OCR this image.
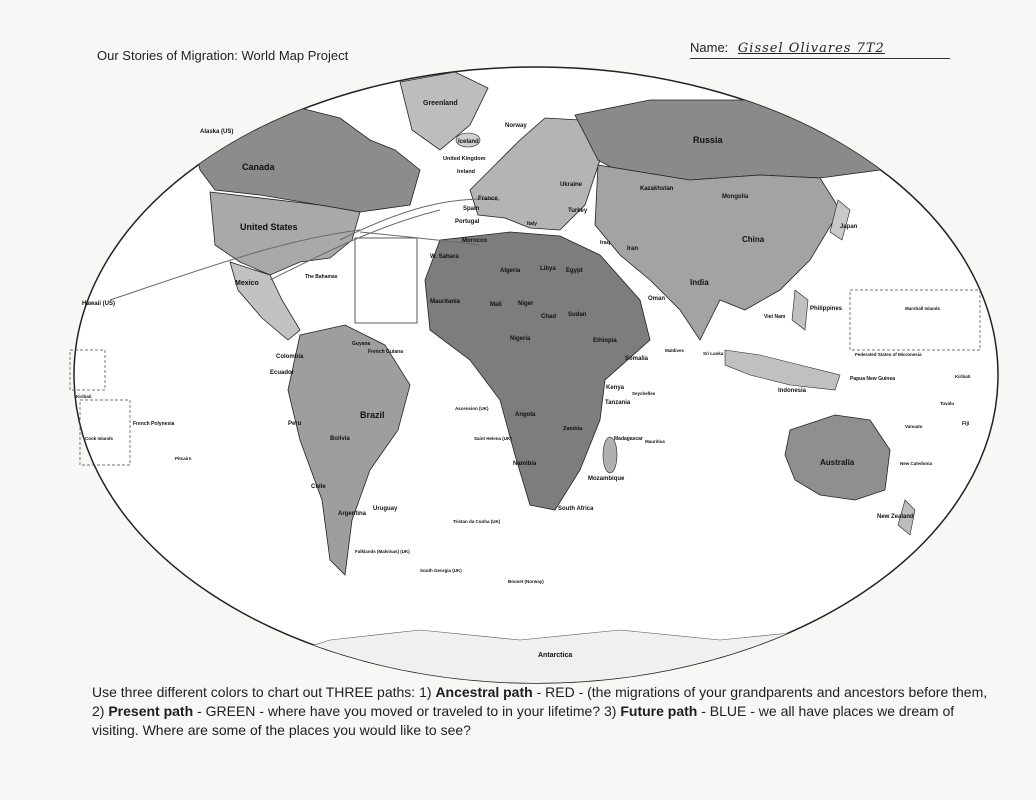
Our Stories of Migration: World Map Project
Name: Gissel Olivares 7T2
Greenland
Canada
Alaska (US)
United States
Mexico
Hawaii (US)
The Bahamas
Colombia
Ecuador
Guyana
French Guiana
Brazil
Peru
Bolivia
Chile
Argentina
Uruguay
Falklands (Malvinas) (UK)
Iceland
Norway
United Kingdom
Ireland
France
Spain
Portugal	Italy
Ukraine
Turkey
Russia
Kazakhstan
Mongolia
China
Japan
Iran
Iraq
India
Oman
Morocco
W. Sahara
Algeria	Libya Egypt
Mauritania	Mali	Niger
Chad Sudan
Ethiopia
Nigeria
Somalia
Kenya
Tanzania
Angola
Zambia
Namibia
Mozambique
South Africa
Madagascar
Maldives
Sri Lanka
Seychelles
Mauritius
Viet Nam
Philippines
Indonesia
Papua New Guinea
Australia
New Zealand
New Caledonia
Fiji
Vanuatu
Tuvalu
Federated States of Micronesia
Marshall Islands
Kiribati
French Polynesia
Cook Islands
Pitcairn
Kiribati
Ascension (UK)
Saint Helena (UK)
Tristan da Cunha (UK)
South Georgia (UK)
Bouvet (Norway)
Antarctica
Use three different colors to chart out THREE paths: 1) Ancestral path - RED - (the migrations of your grandparents and ancestors before them, 2) Present path - GREEN - where have you moved or traveled to in your lifetime? 3) Future path - BLUE - we all have places we dream of visiting. Where are some of the places you would like to see?
